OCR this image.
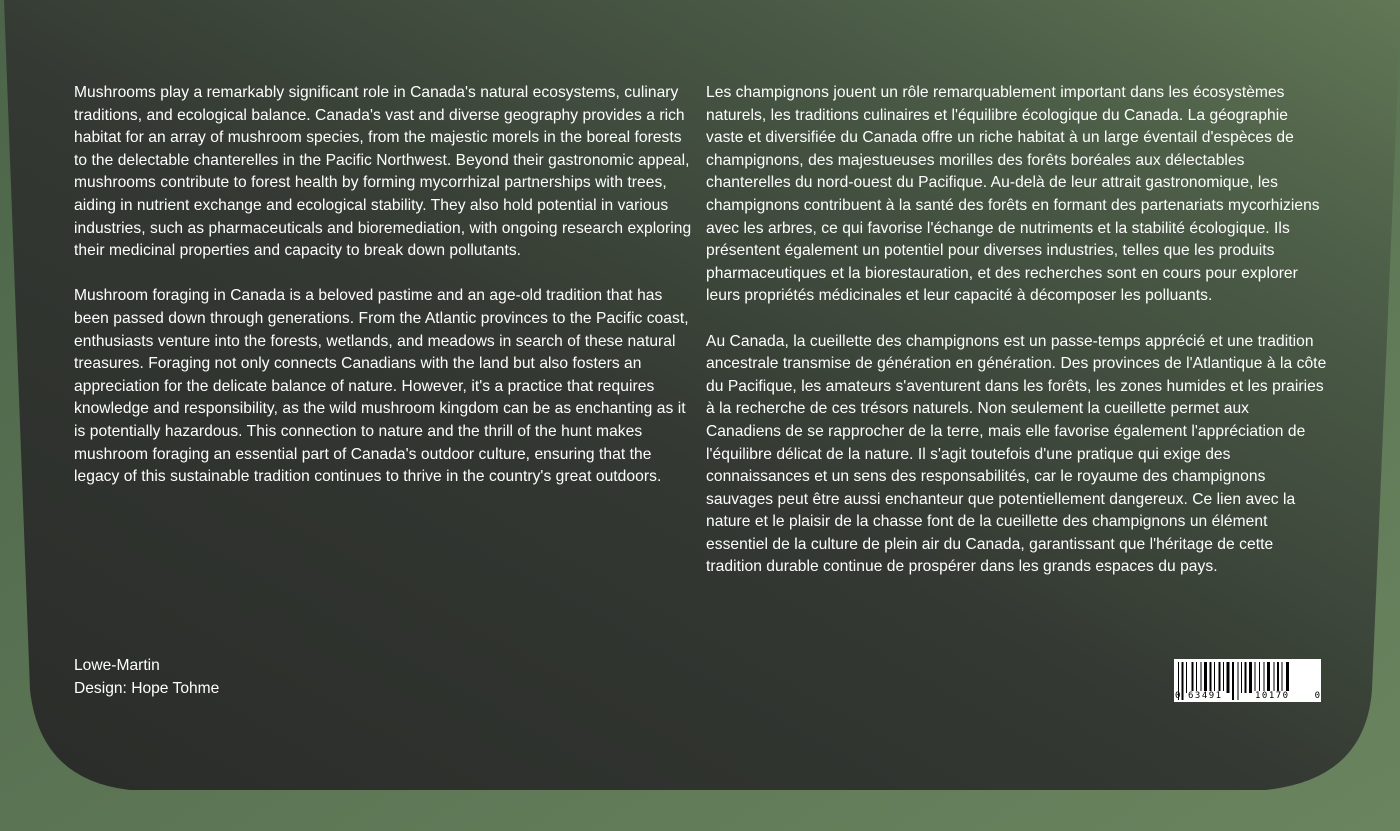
Mushrooms play a remarkably significant role in Canada's natural ecosystems, culinary traditions, and ecological balance. Canada's vast and diverse geography provides a rich habitat for an array of mushroom species, from the majestic morels in the boreal forests to the delectable chanterelles in the Pacific Northwest. Beyond their gastronomic appeal, mushrooms contribute to forest health by forming mycorrhizal partnerships with trees, aiding in nutrient exchange and ecological stability. They also hold potential in various industries, such as pharmaceuticals and bioremediation, with ongoing research exploring their medicinal properties and capacity to break down pollutants.

Mushroom foraging in Canada is a beloved pastime and an age-old tradition that has been passed down through generations. From the Atlantic provinces to the Pacific coast, enthusiasts venture into the forests, wetlands, and meadows in search of these natural treasures. Foraging not only connects Canadians with the land but also fosters an appreciation for the delicate balance of nature. However, it's a practice that requires knowledge and responsibility, as the wild mushroom kingdom can be as enchanting as it is potentially hazardous. This connection to nature and the thrill of the hunt makes mushroom foraging an essential part of Canada's outdoor culture, ensuring that the legacy of this sustainable tradition continues to thrive in the country's great outdoors.

Les champignons jouent un rôle remarquablement important dans les écosystèmes naturels, les traditions culinaires et l'équilibre écologique du Canada. La géographie vaste et diversifiée du Canada offre un riche habitat à un large éventail d'espèces de champignons, des majestueuses morilles des forêts boréales aux délectables chanterelles du nord-ouest du Pacifique. Au-delà de leur attrait gastronomique, les champignons contribuent à la santé des forêts en formant des partenariats mycorhiziens avec les arbres, ce qui favorise l'échange de nutriments et la stabilité écologique. Ils présentent également un potentiel pour diverses industries, telles que les produits pharmaceutiques et la biorestauration, et des recherches sont en cours pour explorer leurs propriétés médicinales et leur capacité à décomposer les polluants.

Au Canada, la cueillette des champignons est un passe-temps apprécié et une tradition ancestrale transmise de génération en génération. Des provinces de l'Atlantique à la côte du Pacifique, les amateurs s'aventurent dans les forêts, les zones humides et les prairies à la recherche de ces trésors naturels. Non seulement la cueillette permet aux Canadiens de se rapprocher de la terre, mais elle favorise également l'appréciation de l'équilibre délicat de la nature. Il s'agit toutefois d'une pratique qui exige des connaissances et un sens des responsabilités, car le royaume des champignons sauvages peut être aussi enchanteur que potentiellement dangereux. Ce lien avec la nature et le plaisir de la chasse font de la cueillette des champignons un élément essentiel de la culture de plein air du Canada, garantissant que l'héritage de cette tradition durable continue de prospérer dans les grands espaces du pays.

Lowe-Martin
Design: Hope Tohme	0 63491	10170	0
